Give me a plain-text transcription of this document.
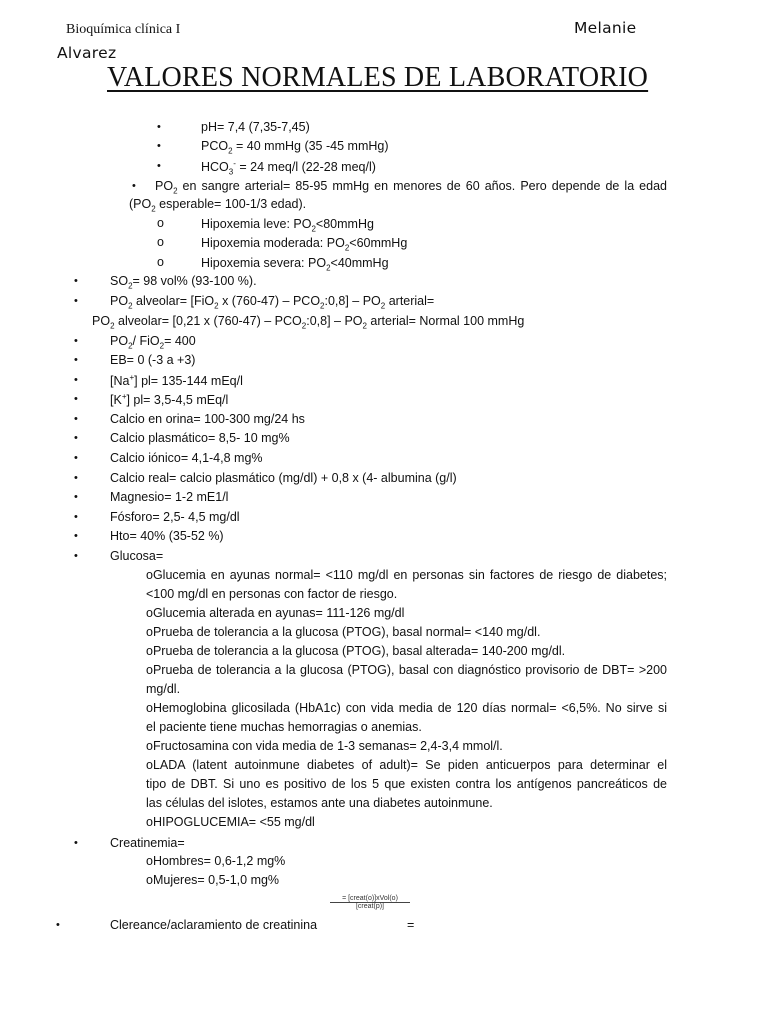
Bioquímica clínica I	Melanie
Alvarez
VALORES NORMALES DE LABORATORIO
•	pH= 7,4 (7,35-7,45)
•	$PCO_2 = 40$ mmHg (35 -45 mmHg)
•	$HCO_3^- = 24$ meq/l (22-28 meq/l)
• $PO_2$ en sangre arterial= 85-95 mmHg en menores de 60 años. Pero depende de la edad
($PO_2$ esperable= 100-1/3 edad).
o	Hipoxemia leve: $PO_2<80mmHg$
o	Hipoxemia moderada: $PO_2<60mmHg$
o	Hipoxemia severa: $PO_2<40mmHg$
•	$SO_2= 98$ vol% (93-100 %).
•	$PO_2$ alveolar= [FiO$_2$ x $(760-47) - PCO_2:0,8] - PO_2$ arterial=
$PO_2$ alveolar= [0,21 x $(760-47) - PCO_2:0,8] - PO_2$ arterial= Normal 100 mmHg
•	$PO_2/$ FiO$_2$= 400
•	EB= 0 (-3 a +3)
•	[Na+] pl= 135-144 mEq/l
•	[K+] pl= 3,5-4,5 mEq/l
•	Calcio en orina= 100-300 mg/24 hs
•	Calcio plasmático= 8,5- 10 mg%
•	Calcio iónico= 4,1-4,8 mg%
•	Calcio real= calcio plasmático (mg/dl) + 0,8 x (4- albumina (g/l)
•	Magnesio= 1-2 mE1/l
•	Fósforo= 2,5- 4,5 mg/dl
•	Hto= 40% (35-52 %)
•	Glucosa=
oGlucemia en ayunas normal= <110 mg/dl en personas sin factores de riesgo de diabetes;
<100 mg/dl en personas con factor de riesgo.
oGlucemia alterada en ayunas= 111-126 mg/dl
oPrueba de tolerancia a la glucosa (PTOG), basal normal= <140 mg/dl.
oPrueba de tolerancia a la glucosa (PTOG), basal alterada= 140-200 mg/dl.
oPrueba de tolerancia a la glucosa (PTOG), basal con diagnóstico provisorio de DBT= >200
mg/dl.
oHemoglobina glicosilada (HbA1c) con vida media de 120 días normal= <6,5%. No sirve si
el paciente tiene muchas hemorragias o anemias.
oFructosamina con vida media de 1-3 semanas= 2,4-3,4 mmol/l.
oLADA (latent autoinmune diabetes of adult)= Se piden anticuerpos para determinar el
tipo de DBT. Si uno es positivo de los 5 que existen contra los antígenos pancreáticos de
las células del islotes, estamos ante una diabetes autoinmune.
oHIPOGLUCEMIA= <55 mg/dl
•	Creatinemia=
oHombres= 0,6-1,2 mg%
oMujeres= 0,5-1,0 mg%
= [creat(o)]xVol(o)
[creat(p)]
•	Clereance/aclaramiento de creatinina	=
